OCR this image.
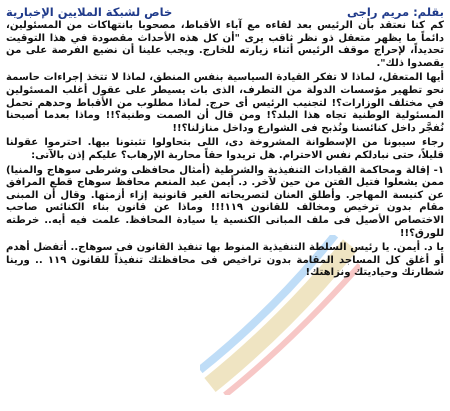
بقلم: مريم راجى
خاص لشبكة الملايين الإخبارية

كم كنا نعتقد بأن الرئيس بعد لقاءه مع آباء الأقباط، مصحوبا بانتهاكات من المسئولين، دائماً ما يظهر متعقل ذو نظر ثاقب يرى "أن كل هذه الأحداث مقصودة في هذا التوقيت تحديداً، لإحراج موقف الرئيس أثناء زيارته للخارج. ويجب علينا أن نضيع الفرصة على من يقصدوا ذلك".

أيها المتعقل، لماذا لا تفكر القيادة السياسية بنفس المنطق، لماذا لا تتخذ إجراءات حاسمة نحو تطهير مؤسسات الدولة من التطرف، الذى بات يسيطر على عقول أغلب المسئولين في مختلف الوزارات؟! لتجنيب الرئيس أى حرج. لماذا مطلوب من الأقباط وحدهم تحمل المسئولية الوطنية تجاه هذا البلد؟! ومن قال أن الصمت وطنية؟!! وماذا بعدما أصبحنا نُفجَّر داخل كنائسنا ونُذبح فى الشوارع وداخل منازلنا؟!!

رجاء سيبونا من الإسطوانة المشروخة دى، اللى بتحاولوا تثبتونا بيها. احترموا عقولنا قليلاً، حتى نبادلكم نفس الاحترام. هل تريدوا حقاً محاربة الإرهاب؟ عليكم إذن بالآتى:

١- إقالة ومحاكمة القيادات التنفيذية والشرطية (أمثال محافظى وشرطى سوهاج والمنيا) ممن يشعلوا فتيل الفتن من حين لآخر. د. أيمن عبد المنعم محافظ سوهاج قطع المرافق عن كنيسة المهاجر. وأطلق العنان لتصريحاته الغير قانونية إزاء أزمتها. وقال أن المبنى مقام بدون ترخيص ومخالف للقانون ١١٩!!! وماذا عن قانون بناء الكنائس صاحب الاختصاص الأصيل فى ملف المبانى الكنسية يا سيادة المحافظ. علمت فيه أيه.. خرطته للورق؟!!

يا د. أيمن. يا رئيس السلطة التنفيذية المنوط بها تنفيذ القانون فى سوهاج.. أتفضل أهدم أو أغلق كل المساجد المقامة بدون تراخيص فى محافظتك تنفيذاً للقانون ١١٩ .. ورينا شطارتك وحياديتك ونزاهتك!
